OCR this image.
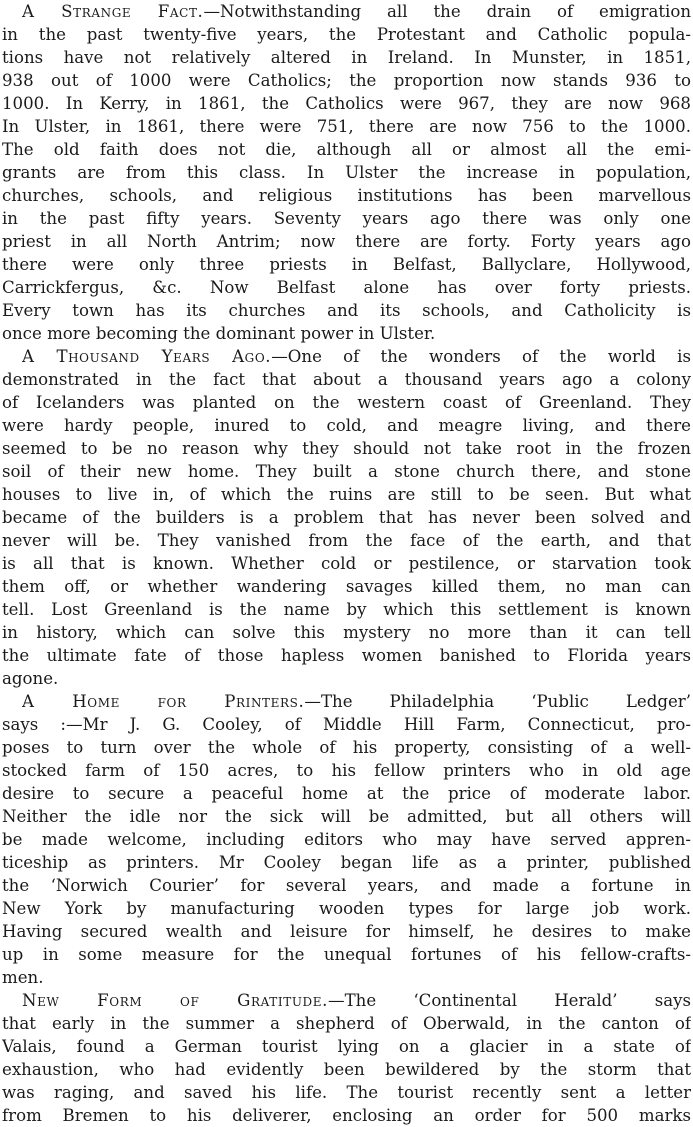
A Strange Fact.—Notwithstanding all the drain of emigration
in the past twenty-five years, the Protestant and Catholic popula-
tions have not relatively altered in Ireland. In Munster, in 1851,
938 out of 1000 were Catholics; the proportion now stands 936 to
1000. In Kerry, in 1861, the Catholics were 967, they are now 968
In Ulster, in 1861, there were 751, there are now 756 to the 1000.
The old faith does not die, although all or almost all the emi-
grants are from this class. In Ulster the increase in population,
churches, schools, and religious institutions has been marvellous
in the past fifty years. Seventy years ago there was only one
priest in all North Antrim; now there are forty. Forty years ago
there were only three priests in Belfast, Ballyclare, Hollywood,
Carrickfergus, &c. Now Belfast alone has over forty priests.
Every town has its churches and its schools, and Catholicity is
once more becoming the dominant power in Ulster.
A Thousand Years Ago.—One of the wonders of the world is
demonstrated in the fact that about a thousand years ago a colony
of Icelanders was planted on the western coast of Greenland. They
were hardy people, inured to cold, and meagre living, and there
seemed to be no reason why they should not take root in the frozen
soil of their new home. They built a stone church there, and stone
houses to live in, of which the ruins are still to be seen. But what
became of the builders is a problem that has never been solved and
never will be. They vanished from the face of the earth, and that
is all that is known. Whether cold or pestilence, or starvation took
them off, or whether wandering savages killed them, no man can
tell. Lost Greenland is the name by which this settlement is known
in history, which can solve this mystery no more than it can tell
the ultimate fate of those hapless women banished to Florida years
agone.
A Home for Printers.—The Philadelphia ‘Public Ledger’
says :—Mr J. G. Cooley, of Middle Hill Farm, Connecticut, pro-
poses to turn over the whole of his property, consisting of a well-
stocked farm of 150 acres, to his fellow printers who in old age
desire to secure a peaceful home at the price of moderate labor.
Neither the idle nor the sick will be admitted, but all others will
be made welcome, including editors who may have served appren-
ticeship as printers. Mr Cooley began life as a printer, published
the ‘Norwich Courier’ for several years, and made a fortune in
New York by manufacturing wooden types for large job work.
Having secured wealth and leisure for himself, he desires to make
up in some measure for the unequal fortunes of his fellow-crafts-
men.
New Form of Gratitude.—The ‘Continental Herald’ says
that early in the summer a shepherd of Oberwald, in the canton of
Valais, found a German tourist lying on a glacier in a state of
exhaustion, who had evidently been bewildered by the storm that
was raging, and saved his life. The tourist recently sent a letter
from Bremen to his deliverer, enclosing an order for 500 marks
